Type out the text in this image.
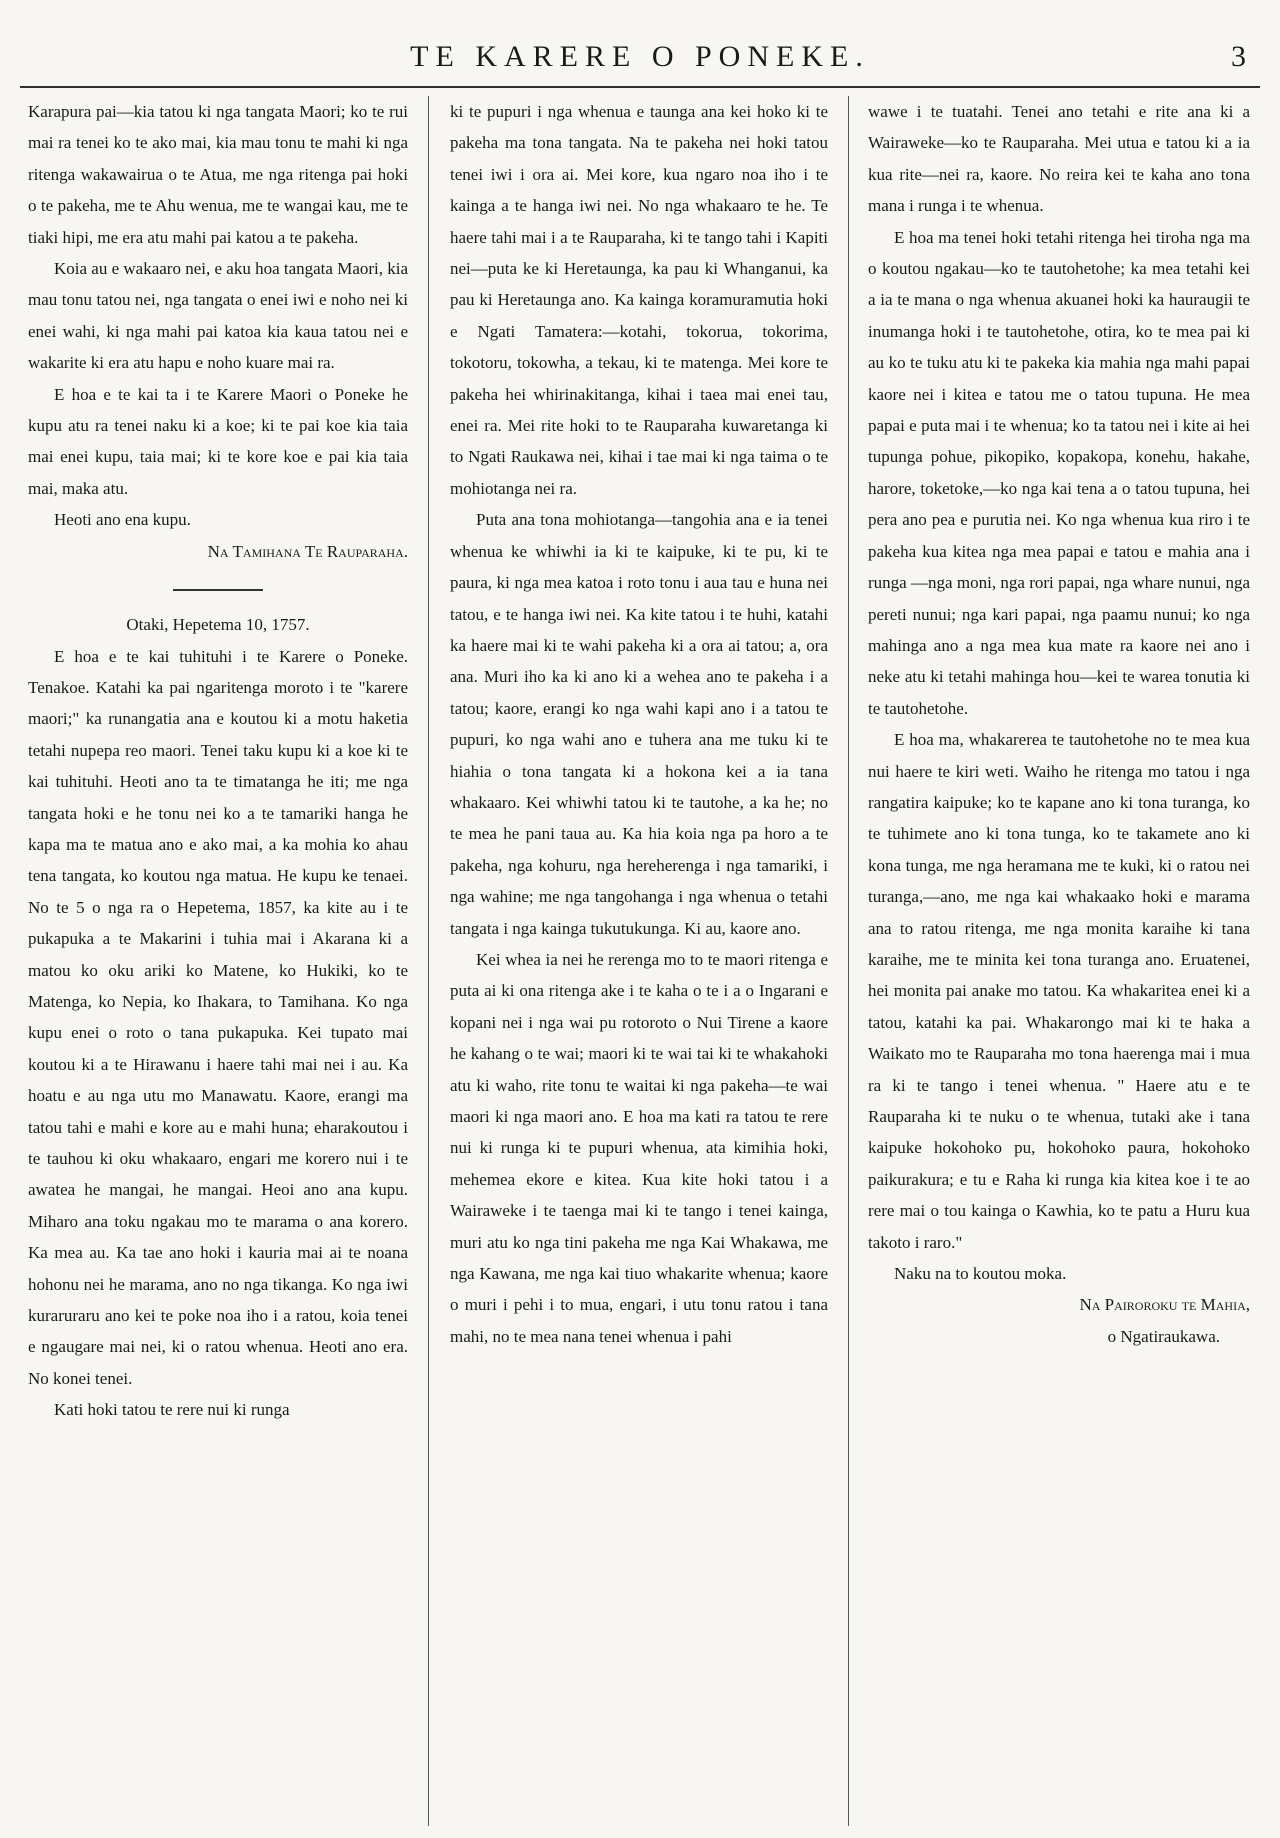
TE KARERE O PONEKE.	3

Karapura pai—kia tatou ki nga tangata Maori; ko te rui mai ra tenei ko te ako mai, kia mau tonu te mahi ki nga ritenga wakawairua o te Atua, me nga ritenga pai hoki o te pakeha, me te Ahu wenua, me te wangai kau, me te tiaki hipi, me era atu mahi pai katou a te pakeha.

Koia au e wakaaro nei, e aku hoa tangata Maori, kia mau tonu tatou nei, nga tangata o enei iwi e noho nei ki enei wahi, ki nga mahi pai katoa kia kaua tatou nei e wakarite ki era atu hapu e noho kuare mai ra.

E hoa e te kai ta i te Karere Maori o Poneke he kupu atu ra tenei naku ki a koe; ki te pai koe kia taia mai enei kupu, taia mai; ki te kore koe e pai kia taia mai, maka atu.

Heoti ano ena kupu.

Na Tamihana Te Rauparaha.

Otaki, Hepetema 10, 1757.

E hoa e te kai tuhituhi i te Karere o Poneke. Tenakoe. Katahi ka pai ngaritenga moroto i te "karere maori;" ka runangatia ana e koutou ki a motu haketia tetahi nupepa reo maori. Tenei taku kupu ki a koe ki te kai tuhituhi. Heoti ano ta te timatanga he iti; me nga tangata hoki e he tonu nei ko a te tamariki hanga he kapa ma te matua ano e ako mai, a ka mohia ko ahau tena tangata, ko koutou nga matua. He kupu ke tenaei. No te 5 o nga ra o Hepetema, 1857, ka kite au i te pukapuka a te Makarini i tuhia mai i Akarana ki a matou ko oku ariki ko Matene, ko Hukiki, ko te Matenga, ko Nepia, ko Ihakara, to Tamihana. Ko nga kupu enei o roto o tana pukapuka. Kei tupato mai koutou ki a te Hirawanu i haere tahi mai nei i au. Ka hoatu e au nga utu mo Manawatu. Kaore, erangi ma tatou tahi e mahi e kore au e mahi huna; eharakoutou i te tauhou ki oku whakaaro, engari me korero nui i te awatea he mangai, he mangai. Heoi ano ana kupu. Miharo ana toku ngakau mo te marama o ana korero. Ka mea au. Ka tae ano hoki i kauria mai ai te noana hohonu nei he marama, ano no nga tikanga. Ko nga iwi kuraruraru ano kei te poke noa iho i a ratou, koia tenei e ngaugare mai nei, ki o ratou whenua. Heoti ano era. No konei tenei.

Kati hoki tatou te rere nui ki runga

ki te pupuri i nga whenua e taunga ana kei hoko ki te pakeha ma tona tangata. Na te pakeha nei hoki tatou tenei iwi i ora ai. Mei kore, kua ngaro noa iho i te kainga a te hanga iwi nei. No nga whakaaro te he. Te haere tahi mai i a te Rauparaha, ki te tango tahi i Kapiti nei—puta ke ki Heretaunga, ka pau ki Whanganui, ka pau ki Heretaunga ano. Ka kainga koramuramutia hoki e Ngati Tamatera:—kotahi, tokorua, tokorima, tokotoru, tokowha, a tekau, ki te matenga. Mei kore te pakeha hei whirinakitanga, kihai i taea mai enei tau, enei ra. Mei rite hoki to te Rauparaha kuwaretanga ki to Ngati Raukawa nei, kihai i tae mai ki nga taima o te mohiotanga nei ra.

Puta ana tona mohiotanga—tangohia ana e ia tenei whenua ke whiwhi ia ki te kaipuke, ki te pu, ki te paura, ki nga mea katoa i roto tonu i aua tau e huna nei tatou, e te hanga iwi nei. Ka kite tatou i te huhi, katahi ka haere mai ki te wahi pakeha ki a ora ai tatou; a, ora ana. Muri iho ka ki ano ki a wehea ano te pakeha i a tatou; kaore, erangi ko nga wahi kapi ano i a tatou te pupuri, ko nga wahi ano e tuhera ana me tuku ki te hiahia o tona tangata ki a hokona kei a ia tana whakaaro. Kei whiwhi tatou ki te tautohe, a ka he; no te mea he pani taua au. Ka hia koia nga pa horo a te pakeha, nga kohuru, nga hereherenga i nga tamariki, i nga wahine; me nga tangohanga i nga whenua o tetahi tangata i nga kainga tukutukunga. Ki au, kaore ano.

Kei whea ia nei he rerenga mo to te maori ritenga e puta ai ki ona ritenga ake i te kaha o te i a o Ingarani e kopani nei i nga wai pu rotoroto o Nui Tirene a kaore he kahang o te wai; maori ki te wai tai ki te whakahoki atu ki waho, rite tonu te waitai ki nga pakeha—te wai maori ki nga maori ano. E hoa ma kati ra tatou te rere nui ki runga ki te pupuri whenua, ata kimihia hoki, mehemea ekore e kitea. Kua kite hoki tatou i a Wairaweke i te taenga mai ki te tango i tenei kainga, muri atu ko nga tini pakeha me nga Kai Whakawa, me nga Kawana, me nga kai tiuo whakarite whenua; kaore o muri i pehi i to mua, engari, i utu tonu ratou i tana mahi, no te mea nana tenei whenua i pahi

wawe i te tuatahi. Tenei ano tetahi e rite ana ki a Wairaweke—ko te Rauparaha. Mei utua e tatou ki a ia kua rite—nei ra, kaore. No reira kei te kaha ano tona mana i runga i te whenua.

E hoa ma tenei hoki tetahi ritenga hei tiroha nga ma o koutou ngakau—ko te tautohetohe; ka mea tetahi kei a ia te mana o nga whenua akuanei hoki ka hauraugii te inumanga hoki i te tautohetohe, otira, ko te mea pai ki au ko te tuku atu ki te pakeka kia mahia nga mahi papai kaore nei i kitea e tatou me o tatou tupuna. He mea papai e puta mai i te whenua; ko ta tatou nei i kite ai hei tupunga pohue, pikopiko, kopakopa, konehu, hakahe, harore, toketoke,—ko nga kai tena a o tatou tupuna, hei pera ano pea e purutia nei. Ko nga whenua kua riro i te pakeha kua kitea nga mea papai e tatou e mahia ana i runga —nga moni, nga rori papai, nga whare nunui, nga pereti nunui; nga kari papai, nga paamu nunui; ko nga mahinga ano a nga mea kua mate ra kaore nei ano i neke atu ki tetahi mahinga hou—kei te warea tonutia ki te tautohetohe.

E hoa ma, whakarerea te tautohetohe no te mea kua nui haere te kiri weti. Waiho he ritenga mo tatou i nga rangatira kaipuke; ko te kapane ano ki tona turanga, ko te tuhimete ano ki tona tunga, ko te takamete ano ki kona tunga, me nga heramana me te kuki, ki o ratou nei turanga,—ano, me nga kai whakaako hoki e marama ana to ratou ritenga, me nga monita karaihe ki tana karaihe, me te minita kei tona turanga ano. Eruatenei, hei monita pai anake mo tatou. Ka whakaritea enei ki a tatou, katahi ka pai. Whakarongo mai ki te haka a Waikato mo te Rauparaha mo tona haerenga mai i mua ra ki te tango i tenei whenua. " Haere atu e te Rauparaha ki te nuku o te whenua, tutaki ake i tana kaipuke hokohoko pu, hokohoko paura, hokohoko paikurakura; e tu e Raha ki runga kia kitea koe i te ao rere mai o tou kainga o Kawhia, ko te patu a Huru kua takoto i raro."

Naku na to koutou moka.

Na Pairoroku te Mahia,

o Ngatiraukawa.
